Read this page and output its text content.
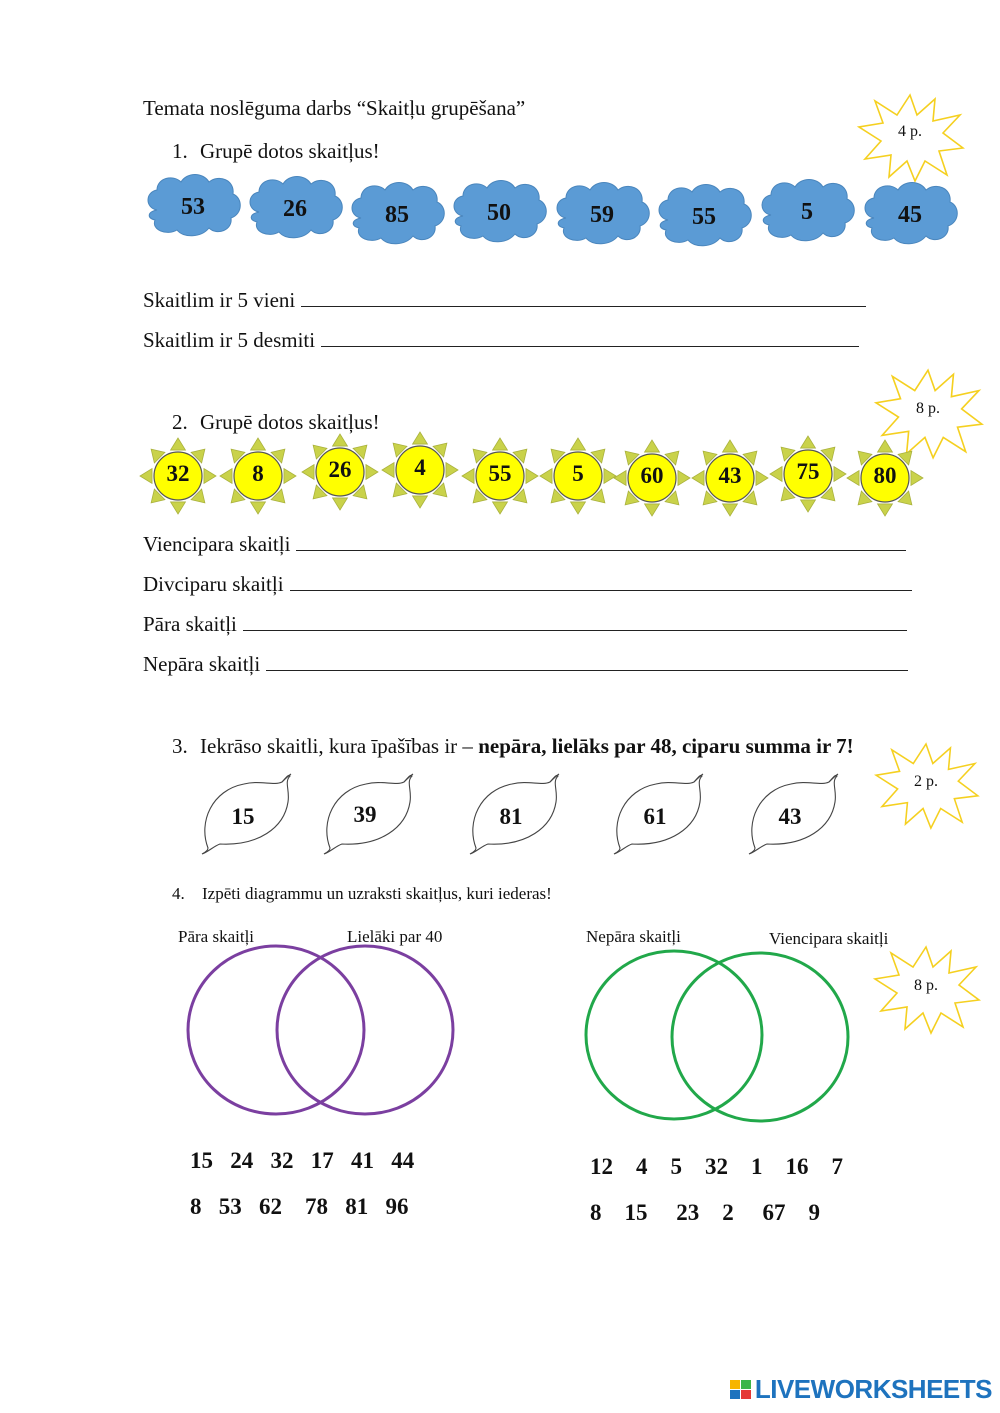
Temata noslēguma darbs “Skaitļu grupēšana”
1. Grupē dotos skaitļus!
4 p.
53	26	85	50	59	55	5	45
Skaitlim ir 5 vieni
Skaitlim ir 5 desmiti
2. Grupē dotos skaitļus!
8 p.
32	8	26	4	55	5	60	43	75	80
Viencipara skaitļi
Divciparu skaitļi
Pāra skaitļi
Nepāra skaitļi
3. Iekrāso skaitli, kura īpašības ir – nepāra, lielāks par 48, ciparu summa ir 7!
2 p.
15	39	81	61	43
4. Izpēti diagrammu un uzraksti skaitļus, kuri iederas!
8 p.
Pāra skaitļi	Lielāki par 40
15   24   32   17   41   44
8   53   62    78   81   96
Nepāra skaitļi	Viencipara skaitļi
12    4    5    32    1    16    7
8    15     23    2     67    9
LIVEWORKSHEETS
